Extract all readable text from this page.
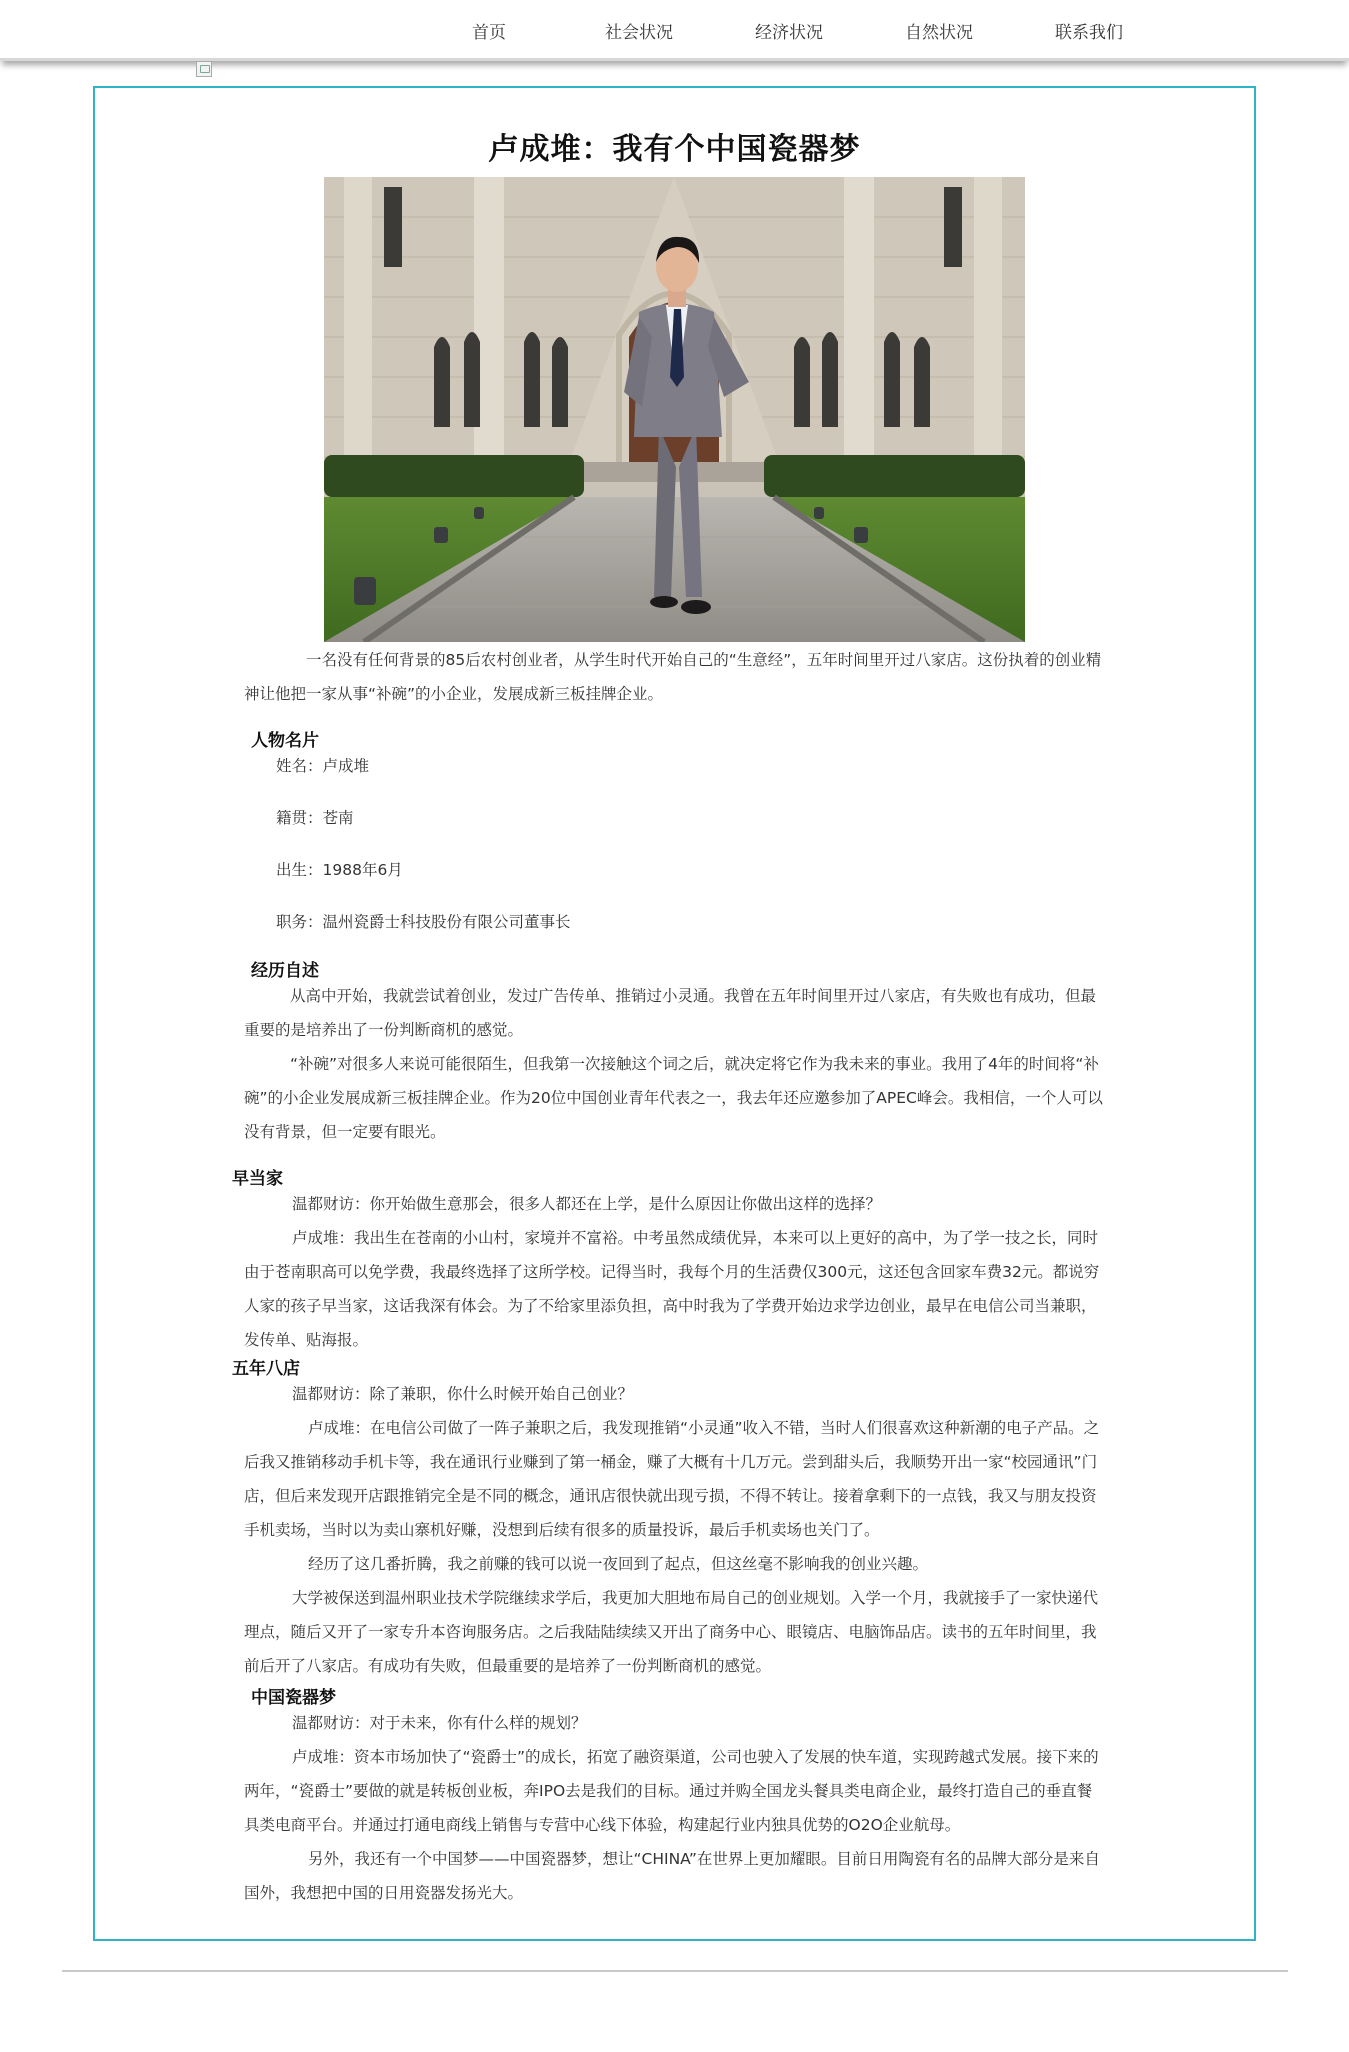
首页	社会状况	经济状况	自然状况	联系我们
卢成堆：我有个中国瓷器梦
一名没有任何背景的85后农村创业者，从学生时代开始自己的“生意经”，五年时间里开过八家店。这份执着的创业精神让他把一家从事“补碗”的小企业，发展成新三板挂牌企业。
人物名片
姓名：卢成堆
籍贯：苍南
出生：1988年6月
职务：温州瓷爵士科技股份有限公司董事长
经历自述
从高中开始，我就尝试着创业，发过广告传单、推销过小灵通。我曾在五年时间里开过八家店，有失败也有成功，但最重要的是培养出了一份判断商机的感觉。
“补碗”对很多人来说可能很陌生，但我第一次接触这个词之后，就决定将它作为我未来的事业。我用了4年的时间将“补碗”的小企业发展成新三板挂牌企业。作为20位中国创业青年代表之一，我去年还应邀参加了APEC峰会。我相信，一个人可以没有背景，但一定要有眼光。
早当家
温都财访：你开始做生意那会，很多人都还在上学，是什么原因让你做出这样的选择？
卢成堆：我出生在苍南的小山村，家境并不富裕。中考虽然成绩优异，本来可以上更好的高中，为了学一技之长，同时由于苍南职高可以免学费，我最终选择了这所学校。记得当时，我每个月的生活费仅300元，这还包含回家车费32元。都说穷人家的孩子早当家，这话我深有体会。为了不给家里添负担，高中时我为了学费开始边求学边创业，最早在电信公司当兼职，发传单、贴海报。
五年八店
温都财访：除了兼职，你什么时候开始自己创业？
卢成堆：在电信公司做了一阵子兼职之后，我发现推销“小灵通”收入不错，当时人们很喜欢这种新潮的电子产品。之后我又推销移动手机卡等，我在通讯行业赚到了第一桶金，赚了大概有十几万元。尝到甜头后，我顺势开出一家“校园通讯”门店，但后来发现开店跟推销完全是不同的概念，通讯店很快就出现亏损，不得不转让。接着拿剩下的一点钱，我又与朋友投资手机卖场，当时以为卖山寨机好赚，没想到后续有很多的质量投诉，最后手机卖场也关门了。
经历了这几番折腾，我之前赚的钱可以说一夜回到了起点，但这丝毫不影响我的创业兴趣。
大学被保送到温州职业技术学院继续求学后，我更加大胆地布局自己的创业规划。入学一个月，我就接手了一家快递代理点，随后又开了一家专升本咨询服务店。之后我陆陆续续又开出了商务中心、眼镜店、电脑饰品店。读书的五年时间里，我前后开了八家店。有成功有失败，但最重要的是培养了一份判断商机的感觉。
中国瓷器梦
温都财访：对于未来，你有什么样的规划？
卢成堆：资本市场加快了“瓷爵士”的成长，拓宽了融资渠道，公司也驶入了发展的快车道，实现跨越式发展。接下来的两年，“瓷爵士”要做的就是转板创业板，奔IPO去是我们的目标。通过并购全国龙头餐具类电商企业，最终打造自己的垂直餐具类电商平台。并通过打通电商线上销售与专营中心线下体验，构建起行业内独具优势的O2O企业航母。
另外，我还有一个中国梦——中国瓷器梦，想让“CHINA”在世界上更加耀眼。目前日用陶瓷有名的品牌大部分是来自国外，我想把中国的日用瓷器发扬光大。
